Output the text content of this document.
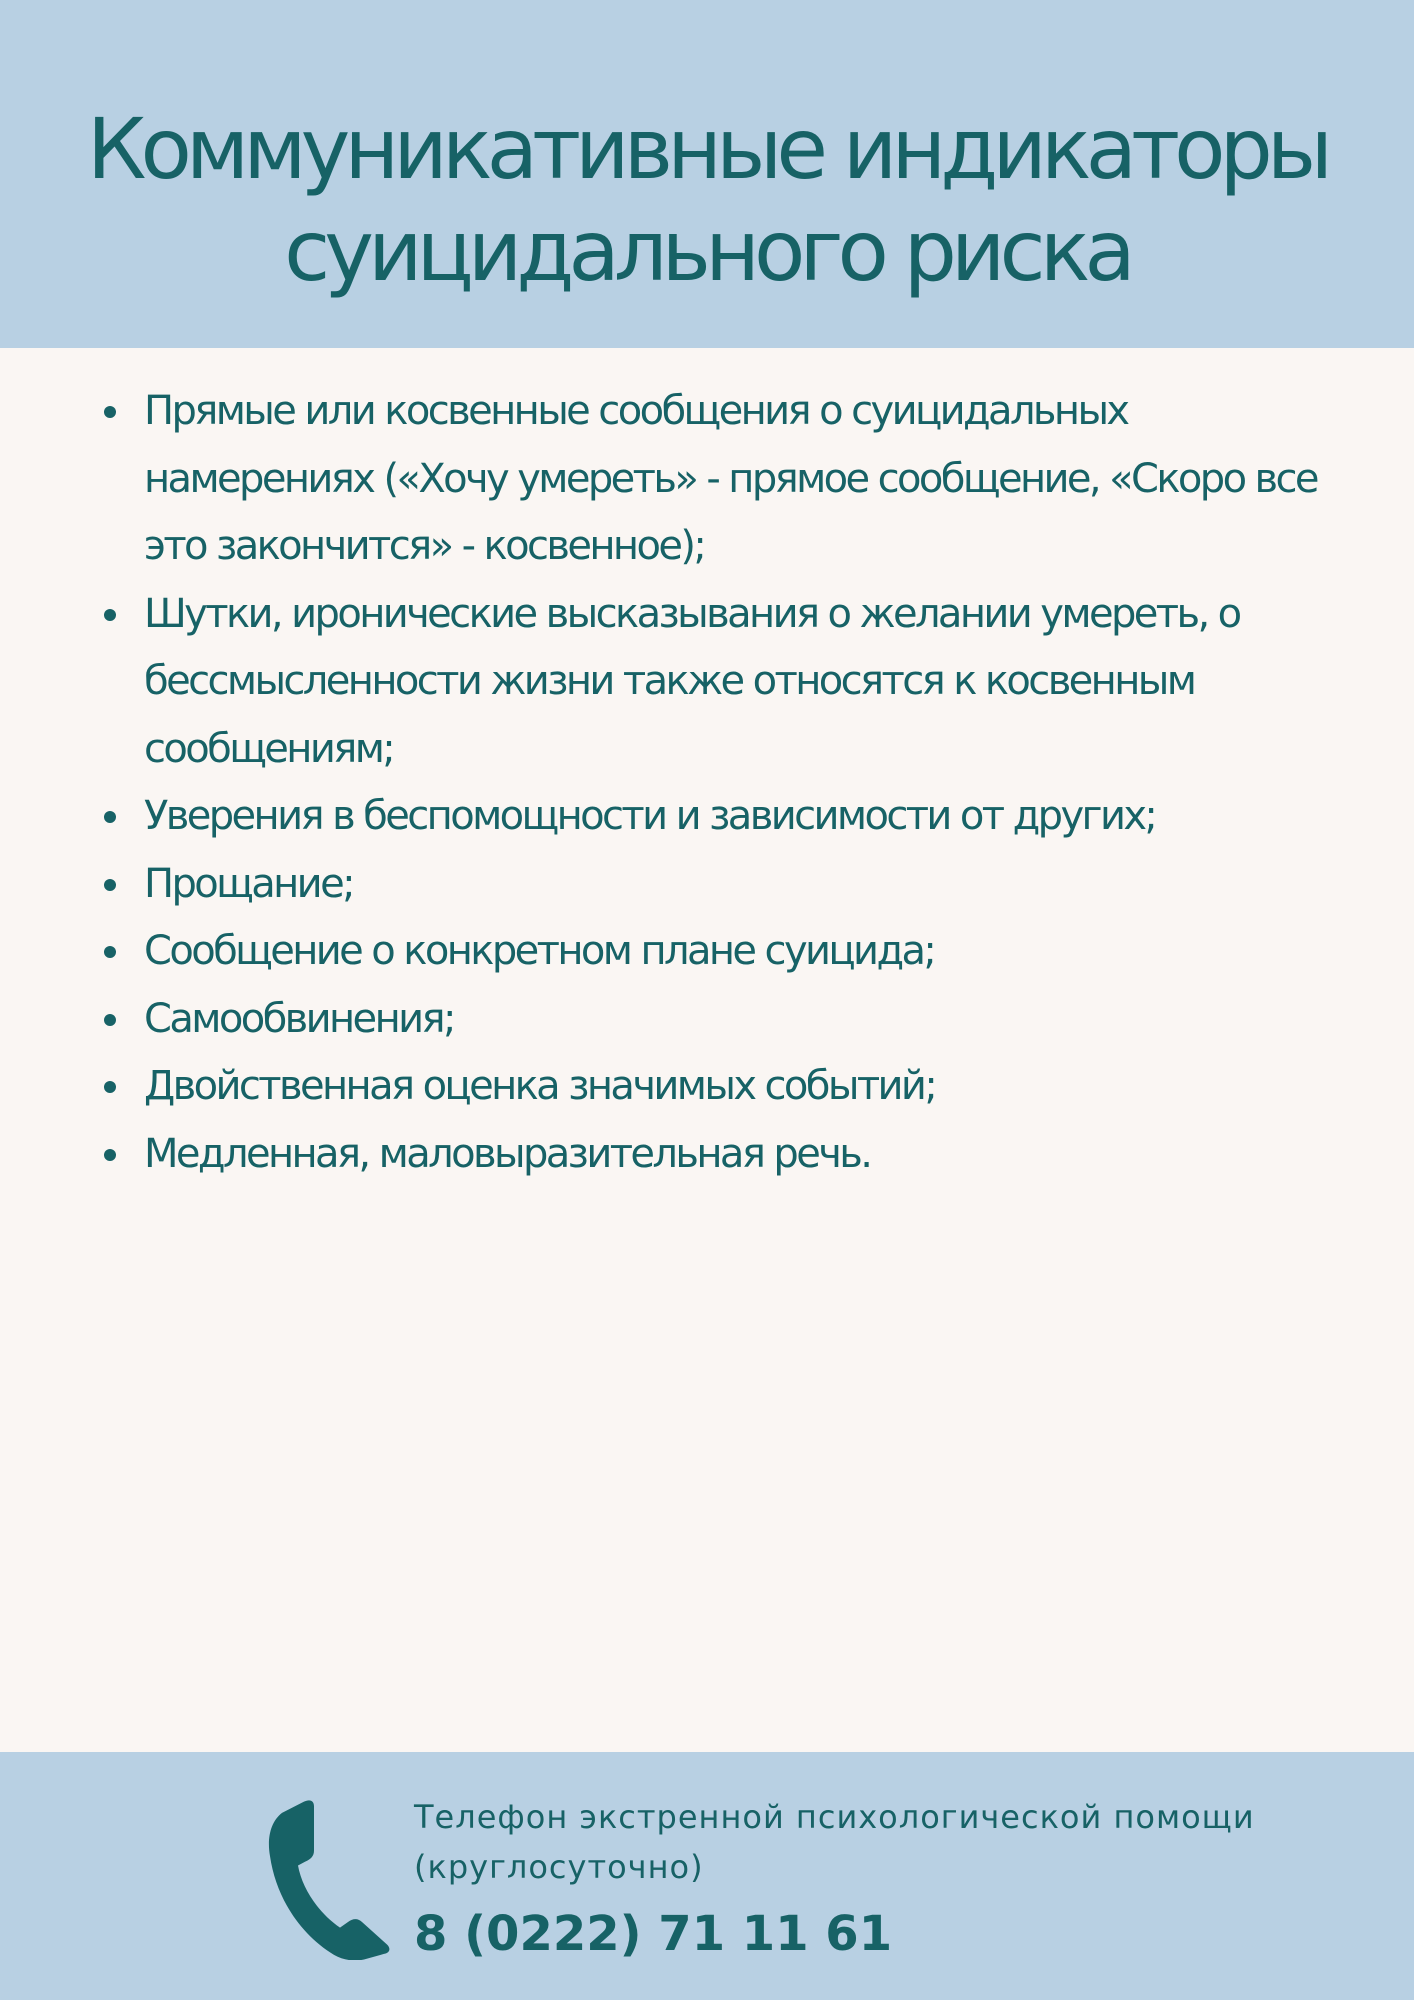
Коммуникативные индикаторы суицидального риска
Прямые или косвенные сообщения о суицидальных намерениях («Хочу умереть» - прямое сообщение, «Скоро все это закончится» - косвенное);
Шутки, иронические высказывания о желании умереть, о бессмысленности жизни также относятся к косвенным сообщениям;
Уверения в беспомощности и зависимости от других;
Прощание;
Сообщение о конкретном плане суицида;
Самообвинения;
Двойственная оценка значимых событий;
Медленная, маловыразительная речь.
Телефон экстренной психологической помощи (круглосуточно)
8 (0222) 71 11 61
